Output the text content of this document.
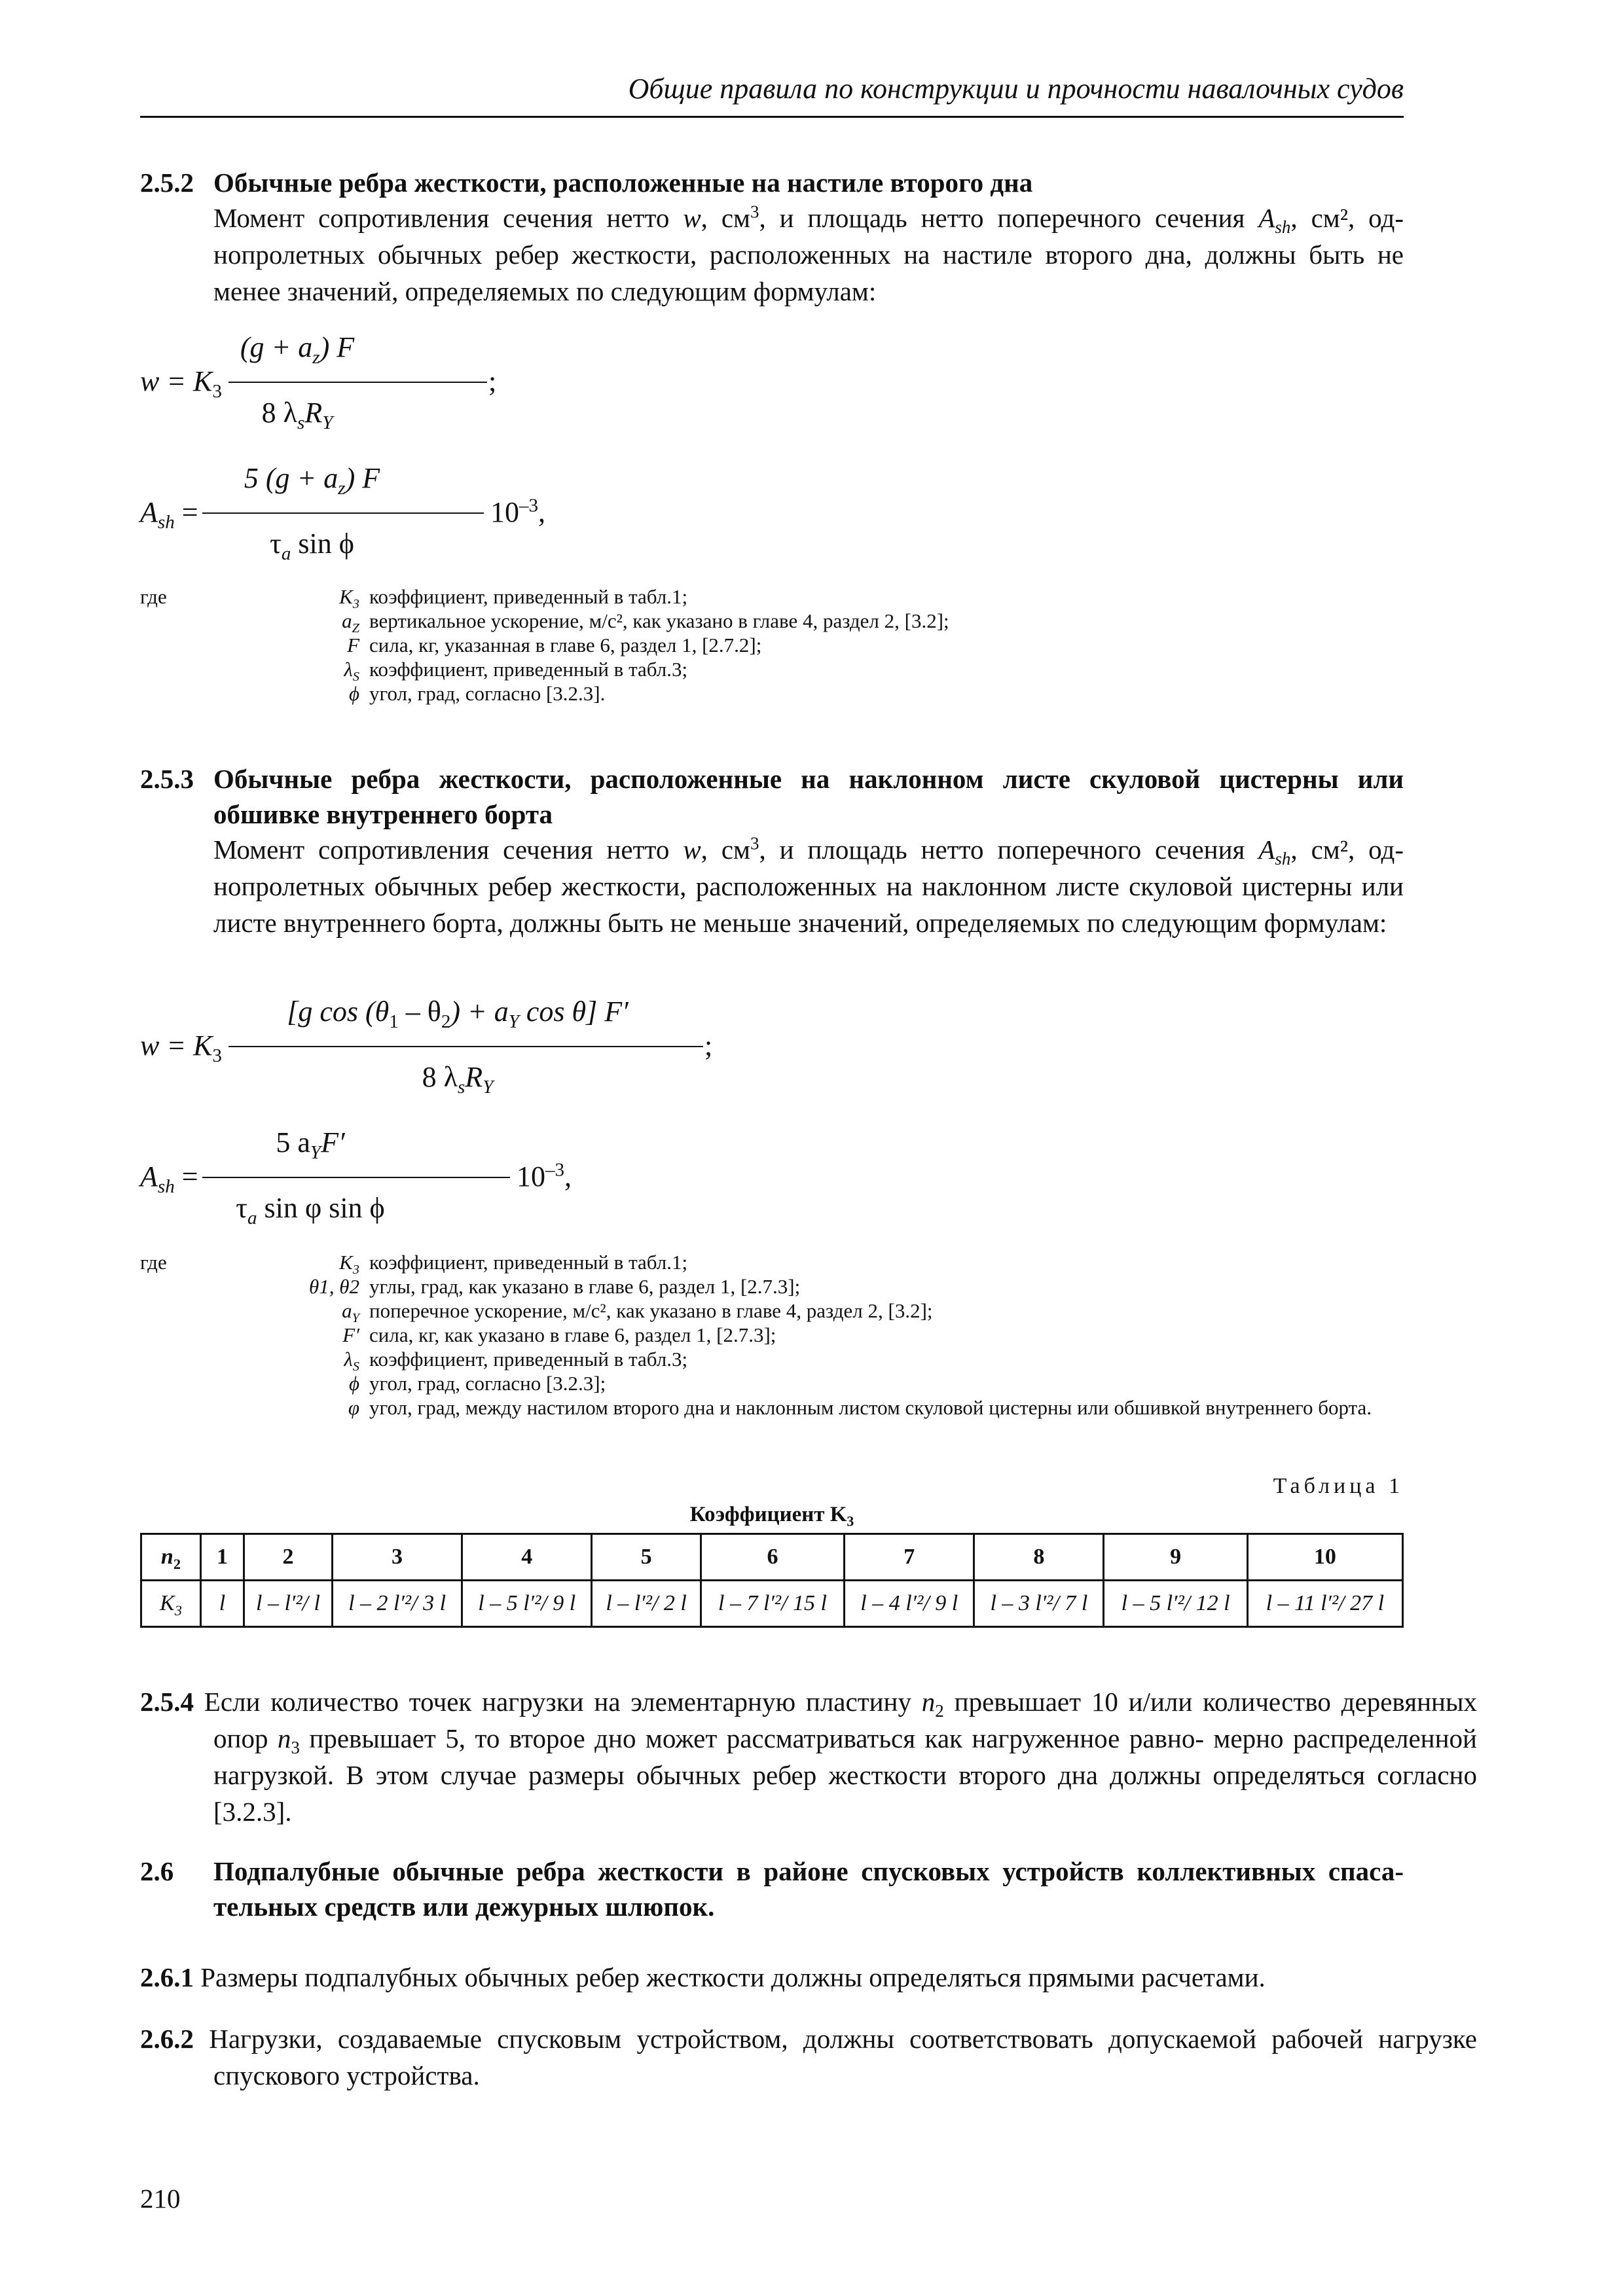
Общие правила по конструкции и прочности навалочных судов
2.5.2 Обычные ребра жесткости, расположенные на настиле второго дна
Момент сопротивления сечения нетто w, $см^3$, и площадь нетто поперечного сечения $A_{sh}$, см², од- нопролетных обычных ребер жесткости, расположенных на настиле второго дна, должны быть не менее значений, определяемых по следующим формулам:
$w = K_3$
$(g + a_z)$ F
8 $\lambda_sR_Y$
;
$A_{sh}$ =
5 $(g + a_z)$ F
$\tau_a$ sin ϕ
$10^{-3}$,
где	$K_3$ коэффициент, приведенный в табл.1;
$a_Z$ вертикальное ускорение, м/с², как указано в главе 4, раздел 2, [3.2];
F сила, кг, указанная в главе 6, раздел 1, [2.7.2];
$\lambda_S$ коэффициент, приведенный в табл.3;
ϕ угол, град, согласно [3.2.3].
2.5.3 Обычные ребра жесткости, расположенные на наклонном листе скуловой цистерны или обшивке внутреннего борта
Момент сопротивления сечения нетто w, $см^3$, и площадь нетто поперечного сечения $A_{sh}$, см², од- нопролетных обычных ребер жесткости, расположенных на наклонном листе скуловой цистерны или листе внутреннего борта, должны быть не меньше значений, определяемых по следующим формулам:
$w = K_3$
[g $\cos (\theta_1 - \theta_2) + a_Y$ cos θ] F′
8 $\lambda_sR_Y$
;
$A_{sh}$ =
5 $a_YF'$
$\tau_a$ sin φ sin ϕ
$10^{-3}$,
где	$K_3$ коэффициент, приведенный в табл.1;
θ1, θ2 углы, град, как указано в главе 6, раздел 1, [2.7.3];
$a_Y$ поперечное ускорение, м/с², как указано в главе 4, раздел 2, [3.2];
F′ сила, кг, как указано в главе 6, раздел 1, [2.7.3];
$\lambda_S$ коэффициент, приведенный в табл.3;
ϕ угол, град, согласно [3.2.3];
φ угол, град, между настилом второго дна и наклонным листом скуловой цистерны или обшивкой внутреннего борта.
Таблица 1
Коэффициент $K_3$
$n_2$	1	2	3	4	5	6	7	8	9	10
$K_3$	l	l – l′²/ l	l – 2 l′²/ 3 l	l – 5 l′²/ 9 l	l – l′²/ 2 l	l – 7 l′²/ 15 l	l – 4 l′²/ 9 l	l – 3 l′²/ 7 l	l – 5 l′²/ 12 l	l – 11 l′²/ 27 l
2.5.4 Если количество точек нагрузки на элементарную пластину $n_2$ превышает 10 и/или количество деревянных опор $n_3$ превышает 5, то второе дно может рассматриваться как нагруженное равно- мерно распределенной нагрузкой. В этом случае размеры обычных ребер жесткости второго дна должны определяться согласно [3.2.3].
2.6	Подпалубные обычные ребра жесткости в районе спусковых устройств коллективных спаса- тельных средств или дежурных шлюпок.
2.6.1 Размеры подпалубных обычных ребер жесткости должны определяться прямыми расчетами.
2.6.2 Нагрузки, создаваемые спусковым устройством, должны соответствовать допускаемой рабочей нагрузке спускового устройства.
210
